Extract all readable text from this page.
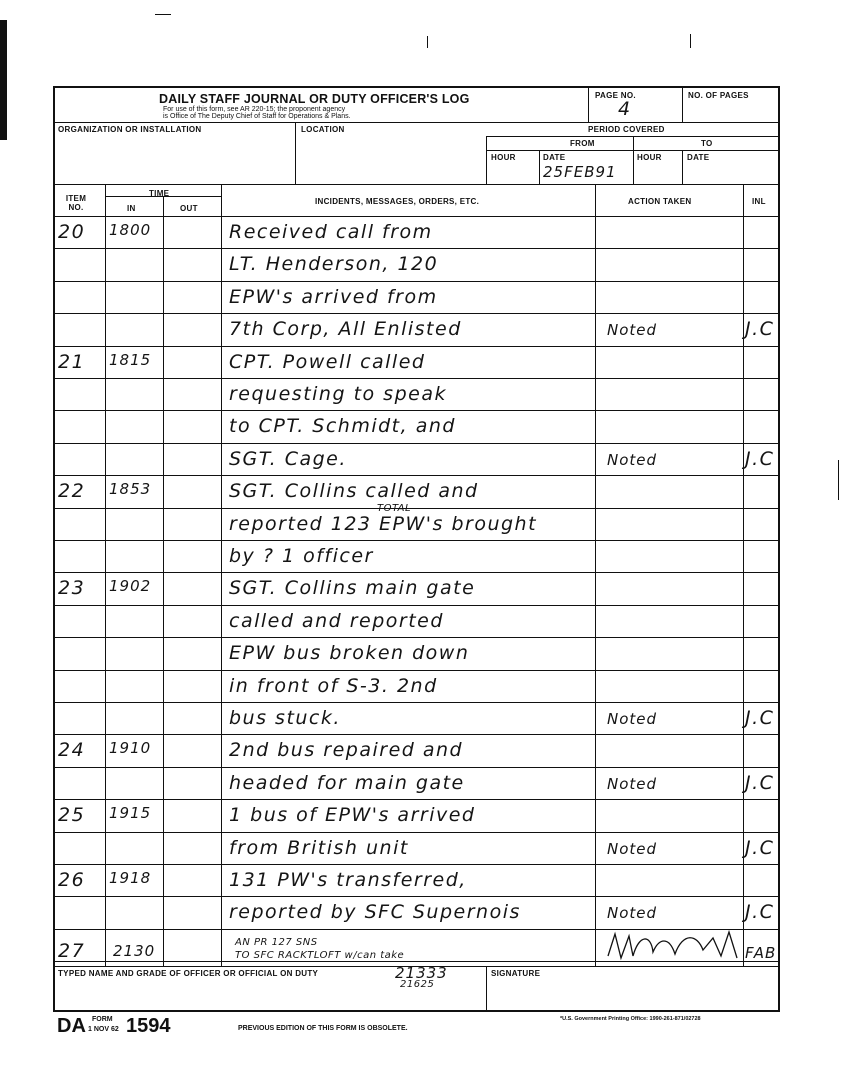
DAILY STAFF JOURNAL OR DUTY OFFICER'S LOG
For use of this form, see AR 220-15; the proponent agency
is Office of The Deputy Chief of Staff for Operations & Plans.
PAGE NO.
4
NO. OF PAGES
ORGANIZATION OR INSTALLATION	LOCATION	PERIOD COVERED
FROM	TO
HOUR	DATE	HOUR	DATE
25FEB91
ITEM NO.
TIME
IN	OUT
INCIDENTS, MESSAGES, ORDERS, ETC.	ACTION TAKEN	INL
20 1800	Received call from
LT. Henderson, 120
EPW's arrived from
7th Corp, All Enlisted	Noted	J.C
21 1815	CPT. Powell called
requesting to speak
to CPT. Schmidt, and
SGT. Cage.	Noted	J.C
22 1853	SGT. Collins called and
reported 123 EPW's brought
by ? 1 officer
23 1902	SGT. Collins main gate
called and reported
EPW bus broken down
in front of S-3. 2nd
bus stuck.	Noted	J.C
24 1910	2nd bus repaired and
headed for main gate	Noted	J.C
25 1915	1 bus of EPW's arrived
from British unit	Noted	J.C
26 1918	131 PW's transferred,
reported by SFC Supernois	Noted	J.C
TOTAL
27 2130	AN PR 127 SNS
TO SFC RACKTLOFT w/can take	FAB
TYPED NAME AND GRADE OF OFFICER OR OFFICIAL ON DUTY	21333
21625
SIGNATURE
DA FORM
1 NOV 62 1594	PREVIOUS EDITION OF THIS FORM IS OBSOLETE.
*U.S. Government Printing Office: 1990-261-871/02728
